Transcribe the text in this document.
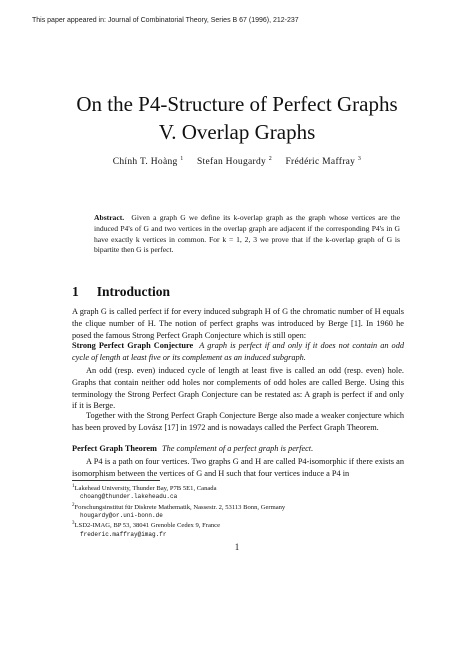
This paper appeared in: Journal of Combinatorial Theory, Series B 67 (1996), 212-237
On the P4-Structure of Perfect Graphs
V. Overlap Graphs
Chính T. Hoàng $^1$ Stefan Hougardy $^2$ Frédéric Maffray $^3$
Abstract. Given a graph G we define its k-overlap graph as the graph whose vertices are the induced P4's of G and two vertices in the overlap graph are adjacent if the corresponding P4's in G have exactly k vertices in common. For k = 1, 2, 3 we prove that if the k-overlap graph of G is bipartite then G is perfect.
1 Introduction
A graph G is called perfect if for every induced subgraph H of G the chromatic number of H equals the clique number of H. The notion of perfect graphs was introduced by Berge [1]. In 1960 he posed the famous Strong Perfect Graph Conjecture which is still open:
Strong Perfect Graph Conjecture A graph is perfect if and only if it does not contain an odd cycle of length at least five or its complement as an induced subgraph.
An odd (resp. even) induced cycle of length at least five is called an odd (resp. even) hole. Graphs that contain neither odd holes nor complements of odd holes are called Berge. Using this terminology the Strong Perfect Graph Conjecture can be restated as: A graph is perfect if and only if it is Berge.
Together with the Strong Perfect Graph Conjecture Berge also made a weaker conjecture which has been proved by Lovász [17] in 1972 and is nowadays called the Perfect Graph Theorem.
Perfect Graph Theorem The complement of a perfect graph is perfect.
A P4 is a path on four vertices. Two graphs G and H are called P4-isomorphic if there exists an isomorphism between the vertices of G and H such that four vertices induce a P4 in
$^1$Lakehead University, Thunder Bay, P7B 5E1, Canada
choang@thunder.lakeheadu.ca
$^2$Forschungsinstitut für Diskrete Mathematik, Nassestr. 2, 53113 Bonn, Germany
hougardy@or.uni-bonn.de
$^3$LSD2-IMAG, BP 53, 38041 Grenoble Cedex 9, France
frederic.maffray@imag.fr
1
